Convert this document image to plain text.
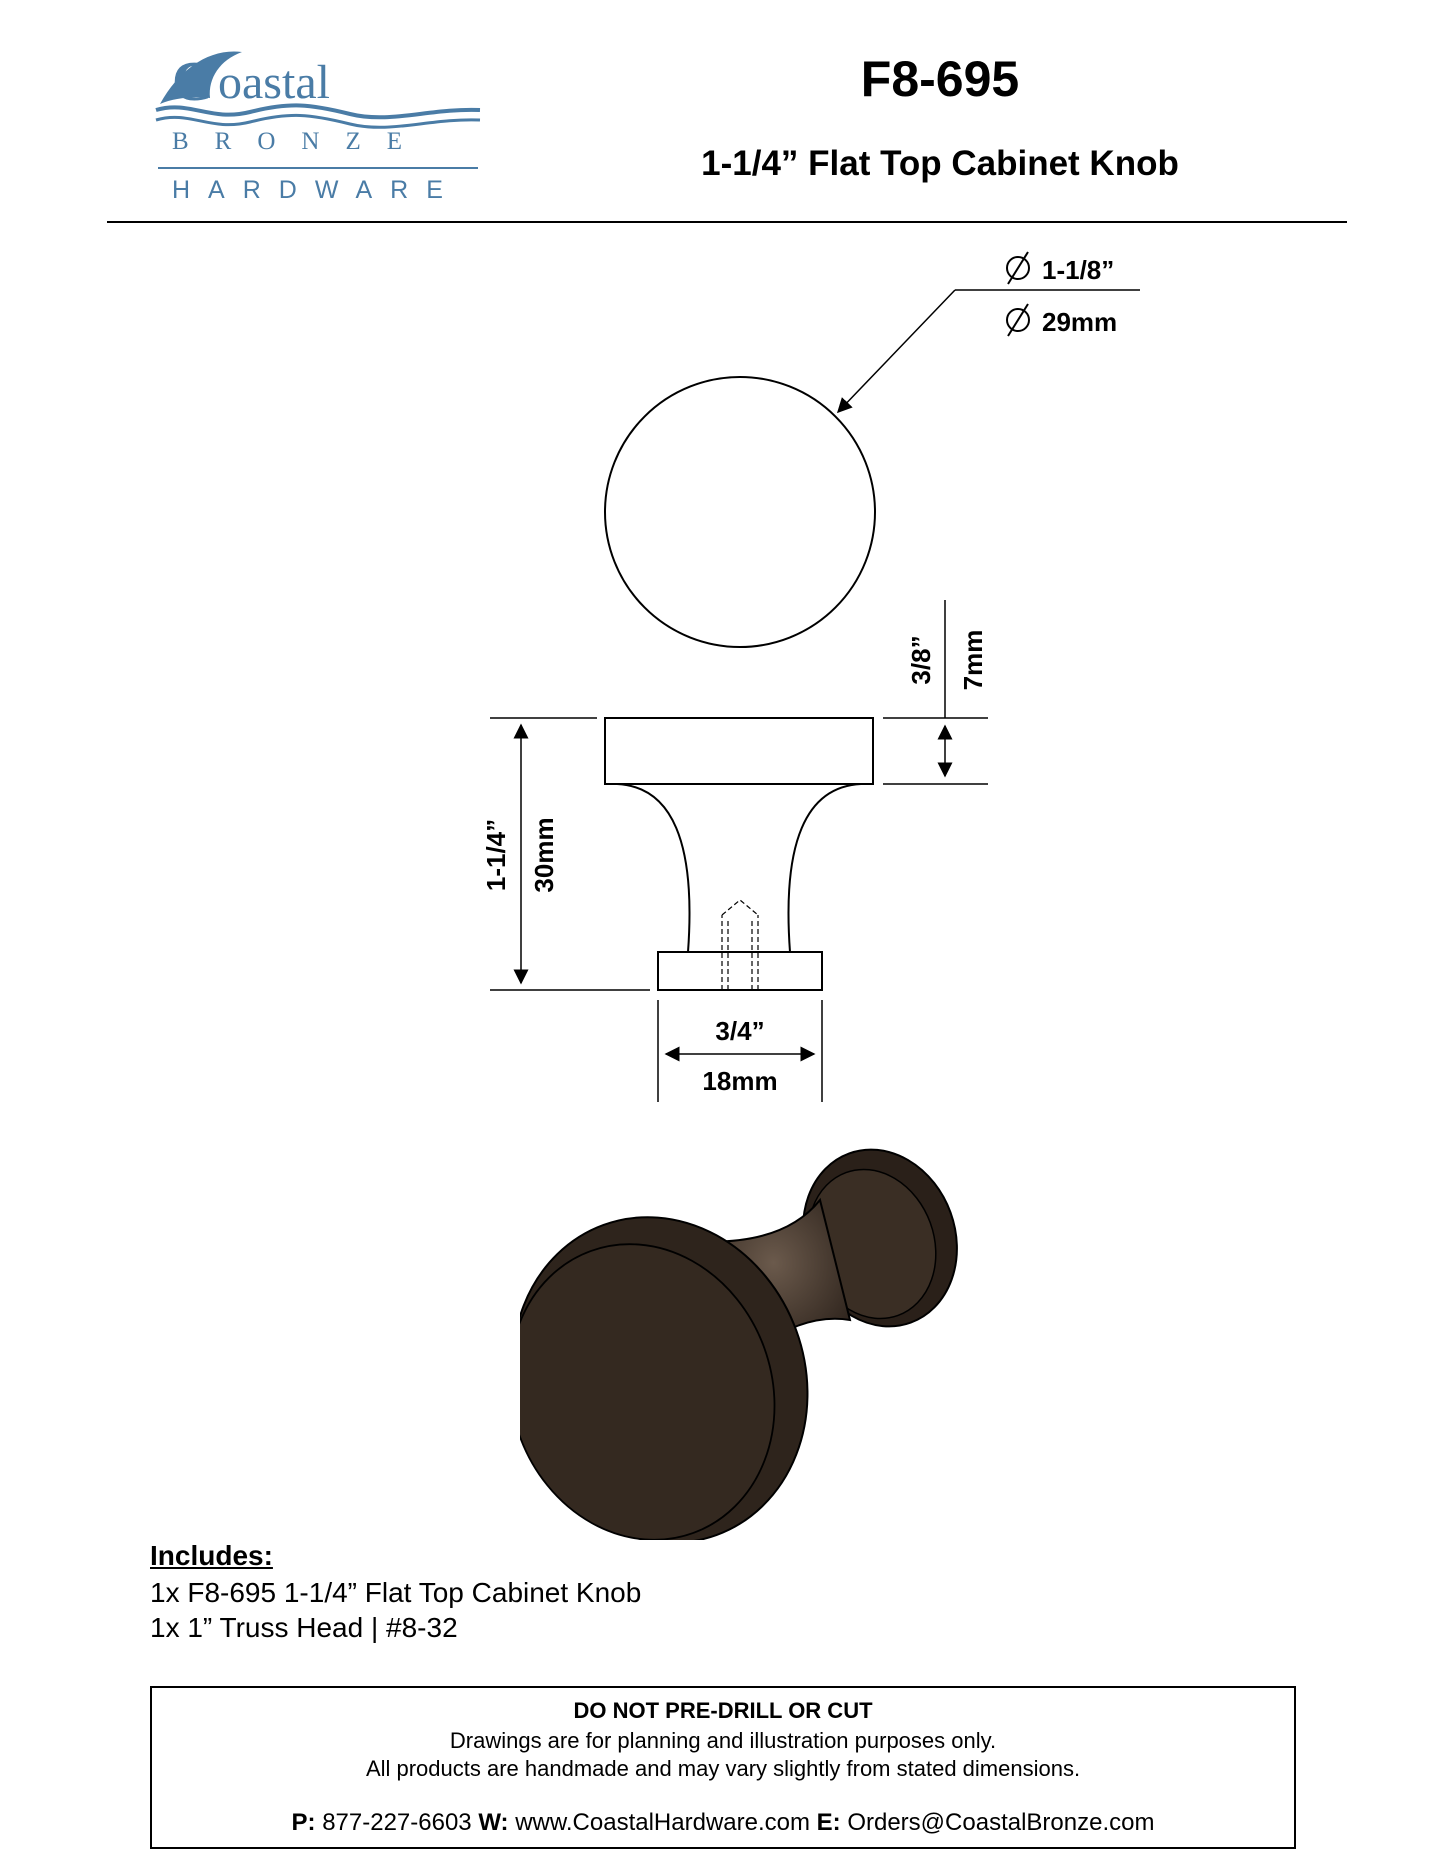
C oastal
BRONZE
HARDWARE
F8-695
1-1/4” Flat Top Cabinet Knob
1-1/8”
29mm
1-1/4” 30mm
3/8” 7mm
3/4”
18mm
Includes:
1x F8-695 1-1/4” Flat Top Cabinet Knob
1x 1” Truss Head | #8-32
DO NOT PRE-DRILL OR CUT
Drawings are for planning and illustration purposes only.
All products are handmade and may vary slightly from stated dimensions.
P: 877-227-6603 W: www.CoastalHardware.com E: Orders@CoastalBronze.com
